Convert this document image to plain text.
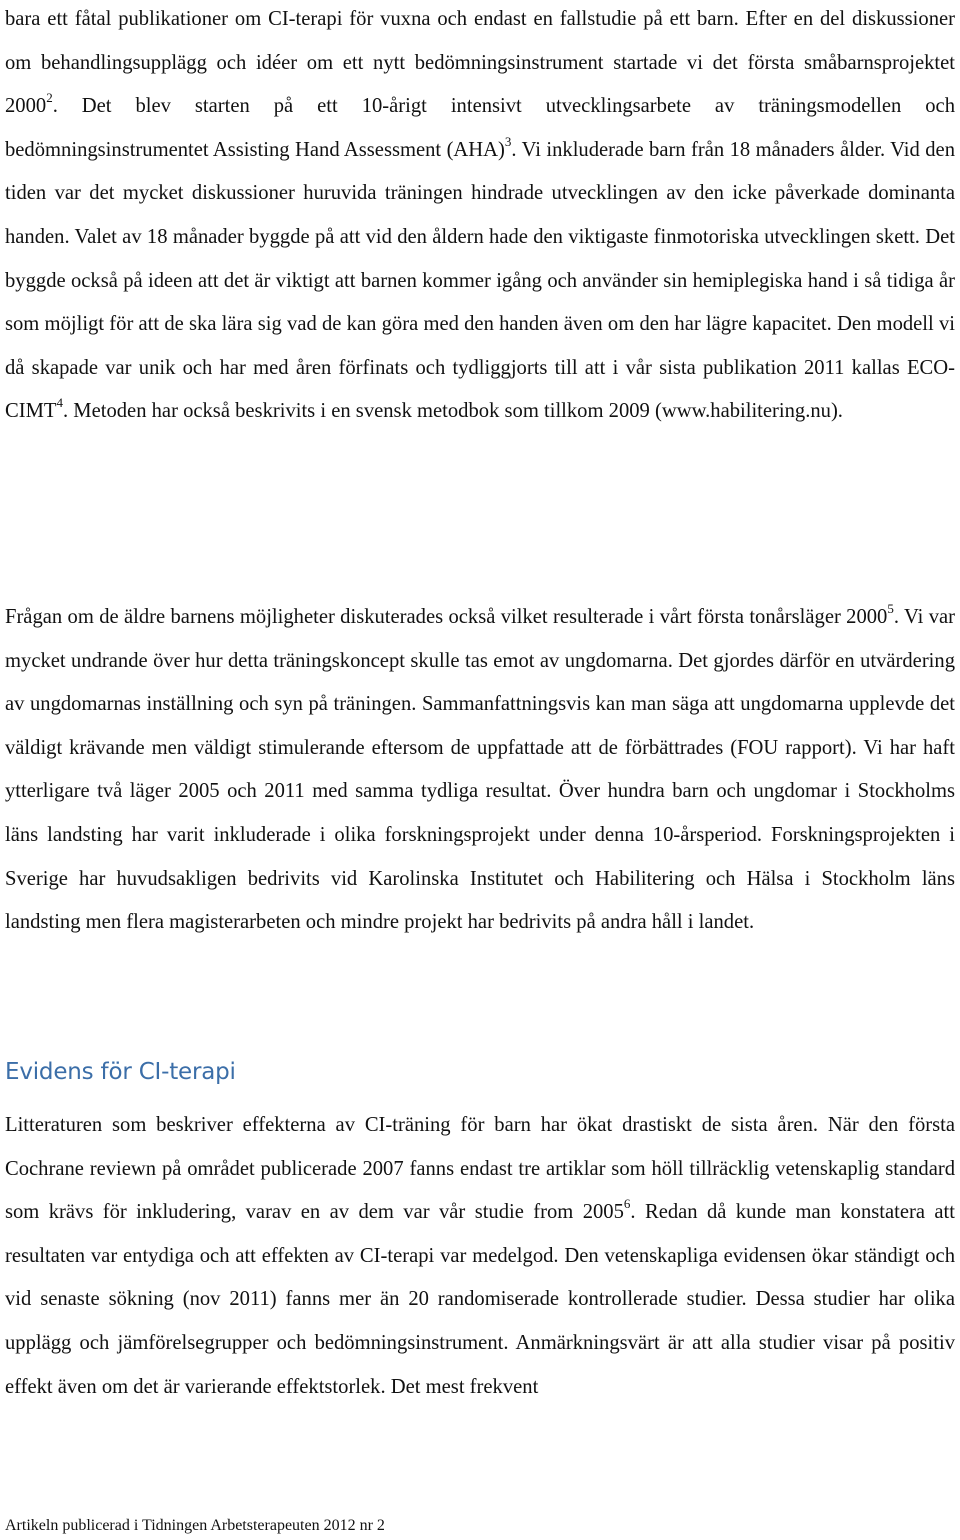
bara ett fåtal publikationer om CI-terapi för vuxna och endast en fallstudie på ett barn. Efter en del diskussioner om behandlingsupplägg och idéer om ett nytt bedömningsinstrument startade vi det första småbarnsprojektet 2000$^2$. Det blev starten på ett 10-årigt intensivt utvecklingsarbete av träningsmodellen och bedömningsinstrumentet Assisting Hand Assessment (AHA)$^3$. Vi inkluderade barn från 18 månaders ålder. Vid den tiden var det mycket diskussioner huruvida träningen hindrade utvecklingen av den icke påverkade dominanta handen. Valet av 18 månader byggde på att vid den åldern hade den viktigaste finmotoriska utvecklingen skett. Det byggde också på ideen att det är viktigt att barnen kommer igång och använder sin hemiplegiska hand i så tidiga år som möjligt för att de ska lära sig vad de kan göra med den handen även om den har lägre kapacitet. Den modell vi då skapade var unik och har med åren förfinats och tydliggjorts till att i vår sista publikation 2011 kallas ECO-CIMT$^4$. Metoden har också beskrivits i en svensk metodbok som tillkom 2009 (www.habilitering.nu).

Frågan om de äldre barnens möjligheter diskuterades också vilket resulterade i vårt första tonårsläger 2000$^5$. Vi var mycket undrande över hur detta träningskoncept skulle tas emot av ungdomarna. Det gjordes därför en utvärdering av ungdomarnas inställning och syn på träningen. Sammanfattningsvis kan man säga att ungdomarna upplevde det väldigt krävande men väldigt stimulerande eftersom de uppfattade att de förbättrades (FOU rapport). Vi har haft ytterligare två läger 2005 och 2011 med samma tydliga resultat. Över hundra barn och ungdomar i Stockholms läns landsting har varit inkluderade i olika forskningsprojekt under denna 10-årsperiod. Forskningsprojekten i Sverige har huvudsakligen bedrivits vid Karolinska Institutet och Habilitering och Hälsa i Stockholm läns landsting men flera magisterarbeten och mindre projekt har bedrivits på andra håll i landet.

Evidens för CI-terapi

Litteraturen som beskriver effekterna av CI-träning för barn har ökat drastiskt de sista åren. När den första Cochrane reviewn på området publicerade 2007 fanns endast tre artiklar som höll tillräcklig vetenskaplig standard som krävs för inkludering, varav en av dem var vår studie from 2005$^6$. Redan då kunde man konstatera att resultaten var entydiga och att effekten av CI-terapi var medelgod. Den vetenskapliga evidensen ökar ständigt och vid senaste sökning (nov 2011) fanns mer än 20 randomiserade kontrollerade studier. Dessa studier har olika upplägg och jämförelsegrupper och bedömningsinstrument. Anmärkningsvärt är att alla studier visar på positiv effekt även om det är varierande effektstorlek. Det mest frekvent

Artikeln publicerad i Tidningen Arbetsterapeuten 2012 nr 2
